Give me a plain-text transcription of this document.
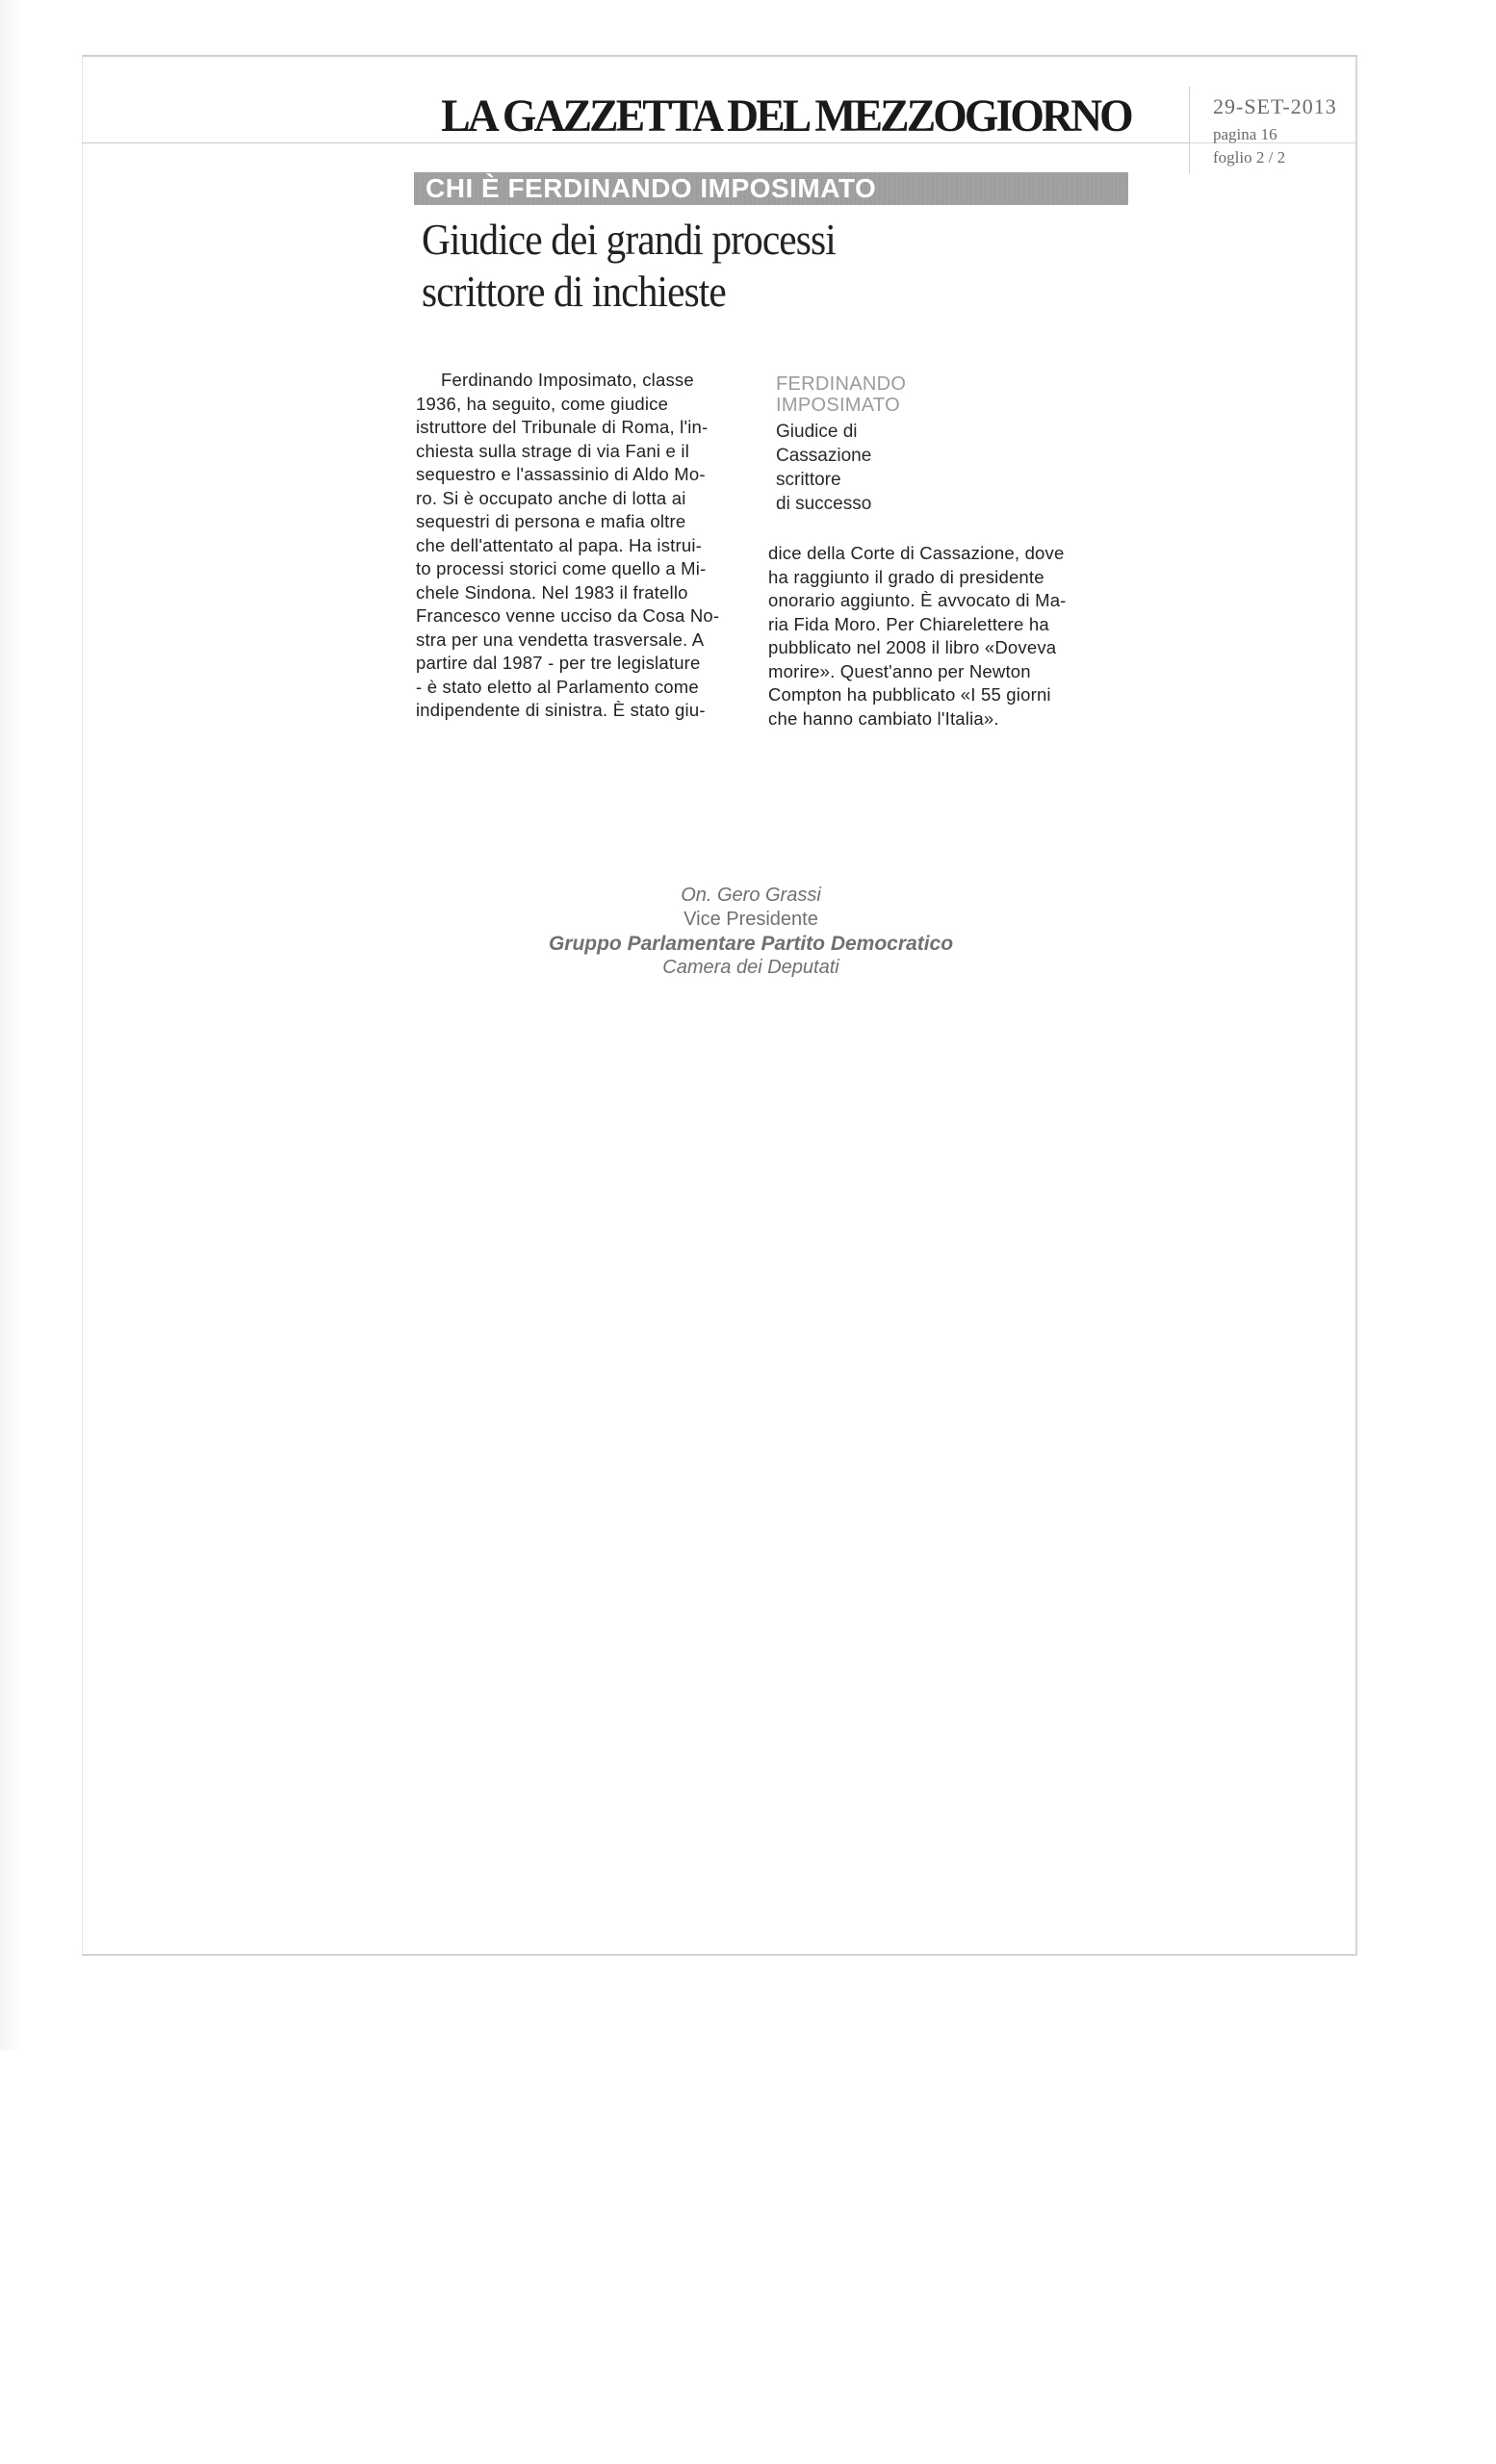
LA GAZZETTA DEL MEZZOGIORNO	29-SET-2013
pagina 16
foglio 2 / 2
CHI È FERDINANDO IMPOSIMATO
Giudice dei grandi processi
scrittore di inchieste
Ferdinando Imposimato, classe
1936, ha seguito, come giudice
istruttore del Tribunale di Roma, l'in-
chiesta sulla strage di via Fani e il
sequestro e l'assassinio di Aldo Mo-
ro. Si è occupato anche di lotta ai
sequestri di persona e mafia oltre
che dell'attentato al papa. Ha istrui-
to processi storici come quello a Mi-
chele Sindona. Nel 1983 il fratello
Francesco venne ucciso da Cosa No-
stra per una vendetta trasversale. A
partire dal 1987 - per tre legislature
- è stato eletto al Parlamento come
indipendente di sinistra. È stato giu-
FERDINANDO
IMPOSIMATO
Giudice di
Cassazione
scrittore
di successo
dice della Corte di Cassazione, dove
ha raggiunto il grado di presidente
onorario aggiunto. È avvocato di Ma-
ria Fida Moro. Per Chiarelettere ha
pubblicato nel 2008 il libro «Doveva
morire». Quest'anno per Newton
Compton ha pubblicato «I 55 giorni
che hanno cambiato l'Italia».
On. Gero Grassi
Vice Presidente
Gruppo Parlamentare Partito Democratico
Camera dei Deputati
